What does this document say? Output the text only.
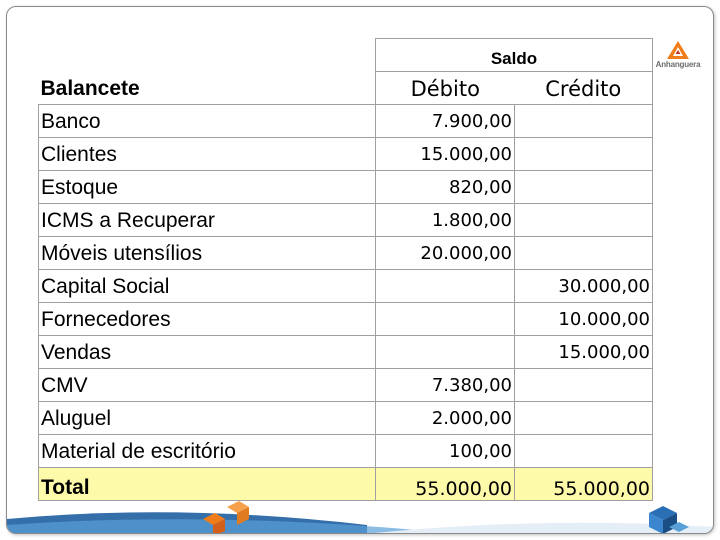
Anhanguera
	Saldo	
Balancete	Débito	Crédito
Banco	7.900,00	
Clientes	15.000,00	
Estoque	820,00	
ICMS a Recuperar	1.800,00	
Móveis utensílios	20.000,00	
Capital Social		30.000,00
Fornecedores		10.000,00
Vendas		15.000,00
CMV	7.380,00	
Aluguel	2.000,00	
Material de escritório	100,00	
Total	55.000,00	55.000,00
